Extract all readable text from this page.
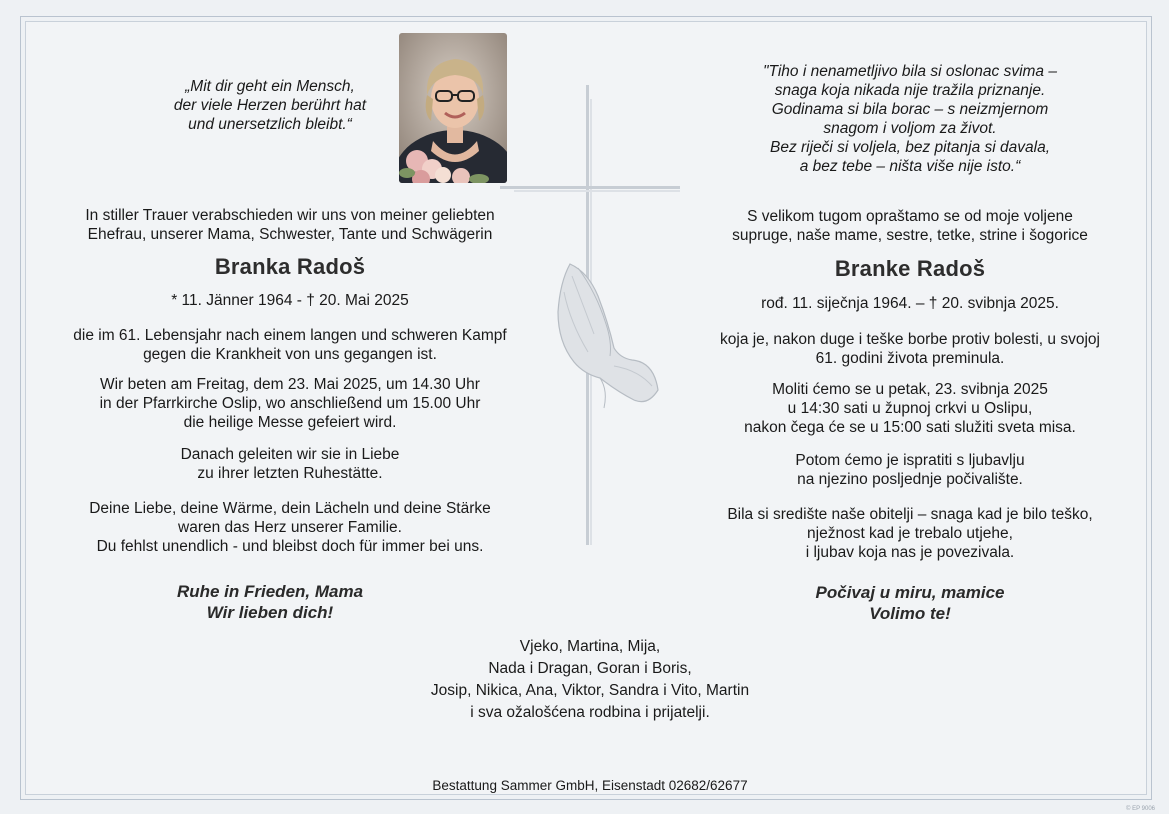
„Mit dir geht ein Mensch,
der viele Herzen berührt hat
und unersetzlich bleibt.“
In stiller Trauer verabschieden wir uns von meiner geliebten
Ehefrau, unserer Mama, Schwester, Tante und Schwägerin
Branka Radoš
* 11. Jänner 1964 - † 20. Mai 2025
die im 61. Lebensjahr nach einem langen und schweren Kampf
gegen die Krankheit von uns gegangen ist.
Wir beten am Freitag, dem 23. Mai 2025, um 14.30 Uhr
in der Pfarrkirche Oslip, wo anschließend um 15.00 Uhr
die heilige Messe gefeiert wird.
Danach geleiten wir sie in Liebe
zu ihrer letzten Ruhestätte.
Deine Liebe, deine Wärme, dein Lächeln und deine Stärke
waren das Herz unserer Familie.
Du fehlst unendlich - und bleibst doch für immer bei uns.
Ruhe in Frieden, Mama
Wir lieben dich!
"Tiho i nenametljivo bila si oslonac svima –
snaga koja nikada nije tražila priznanje.
Godinama si bila borac – s neizmjernom
snagom i voljom za život.
Bez riječi si voljela, bez pitanja si davala,
a bez tebe – ništa više nije isto.“
S velikom tugom opraštamo se od moje voljene
supruge, naše mame, sestre, tetke, strine i šogorice
Branke Radoš
rođ. 11. siječnja 1964. – † 20. svibnja 2025.
koja je, nakon duge i teške borbe protiv bolesti, u svojoj
61. godini života preminula.
Moliti ćemo se u petak, 23. svibnja 2025
u 14:30 sati u župnoj crkvi u Oslipu,
nakon čega će se u 15:00 sati služiti sveta misa.
Potom ćemo je ispratiti s ljubavlju
na njezino posljednje počivalište.
Bila si središte naše obitelji – snaga kad je bilo teško,
nježnost kad je trebalo utjehe,
i ljubav koja nas je povezivala.
Počivaj u miru, mamice
Volimo te!
Vjeko, Martina, Mija,
Nada i Dragan, Goran i Boris,
Josip, Nikica, Ana, Viktor, Sandra i Vito, Martin
i sva ožalošćena rodbina i prijatelji.
Bestattung Sammer GmbH, Eisenstadt 02682/62677
© EP 9006
